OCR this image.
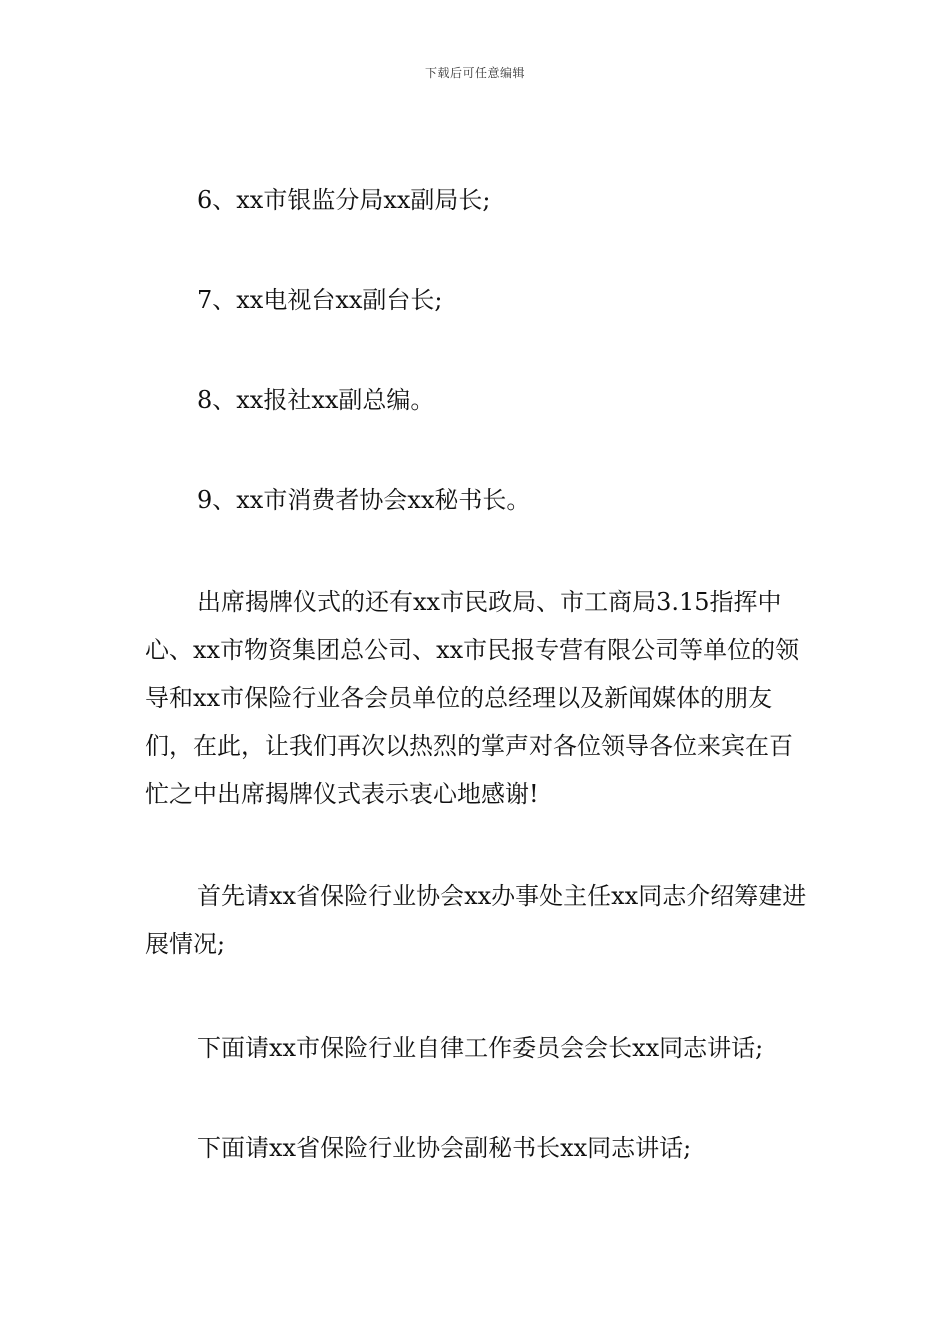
下载后可任意编辑

6、xx市银监分局xx副局长;

7、xx电视台xx副台长;

8、xx报社xx副总编。

9、xx市消费者协会xx秘书长。

出席揭牌仪式的还有xx市民政局、市工商局3.15指挥中心、xx市物资集团总公司、xx市民报专营有限公司等单位的领导和xx市保险行业各会员单位的总经理以及新闻媒体的朋友们，在此，让我们再次以热烈的掌声对各位领导各位来宾在百忙之中出席揭牌仪式表示衷心地感谢!

首先请xx省保险行业协会xx办事处主任xx同志介绍筹建进展情况;

下面请xx市保险行业自律工作委员会会长xx同志讲话;

下面请xx省保险行业协会副秘书长xx同志讲话;
